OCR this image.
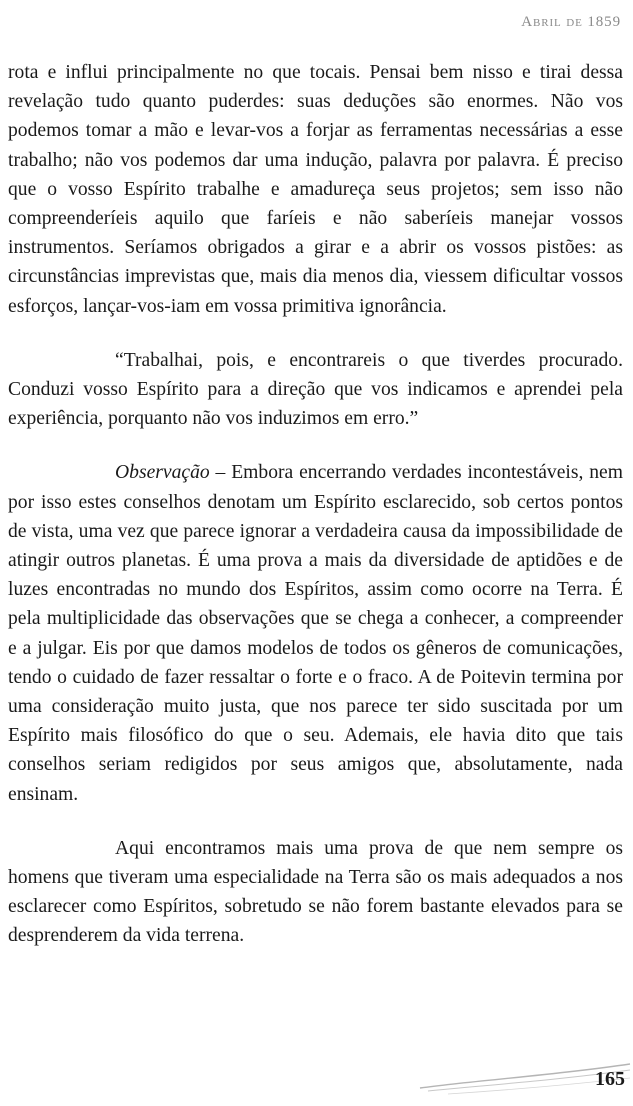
Abril de 1859

rota e influi principalmente no que tocais. Pensai bem nisso e tirai dessa revelação tudo quanto puderdes: suas deduções são enormes. Não vos podemos tomar a mão e levar-vos a forjar as ferramentas necessárias a esse trabalho; não vos podemos dar uma indução, palavra por palavra. É preciso que o vosso Espírito trabalhe e amadureça seus projetos; sem isso não compreenderíeis aquilo que faríeis e não saberíeis manejar vossos instrumentos. Seríamos obrigados a girar e a abrir os vossos pistões: as circunstâncias imprevistas que, mais dia menos dia, viessem dificultar vossos esforços, lançar-vos-iam em vossa primitiva ignorância.

“Trabalhai, pois, e encontrareis o que tiverdes procurado. Conduzi vosso Espírito para a direção que vos indicamos e aprendei pela experiência, porquanto não vos induzimos em erro.”

Observação – Embora encerrando verdades incontestáveis, nem por isso estes conselhos denotam um Espírito esclarecido, sob certos pontos de vista, uma vez que parece ignorar a verdadeira causa da impossibilidade de atingir outros planetas. É uma prova a mais da diversidade de aptidões e de luzes encontradas no mundo dos Espíritos, assim como ocorre na Terra. É pela multiplicidade das observações que se chega a conhecer, a compreender e a julgar. Eis por que damos modelos de todos os gêneros de comunicações, tendo o cuidado de fazer ressaltar o forte e o fraco. A de Poitevin termina por uma consideração muito justa, que nos parece ter sido suscitada por um Espírito mais filosófico do que o seu. Ademais, ele havia dito que tais conselhos seriam redigidos por seus amigos que, absolutamente, nada ensinam.

Aqui encontramos mais uma prova de que nem sempre os homens que tiveram uma especialidade na Terra são os mais adequados a nos esclarecer como Espíritos, sobretudo se não forem bastante elevados para se desprenderem da vida terrena.

165
